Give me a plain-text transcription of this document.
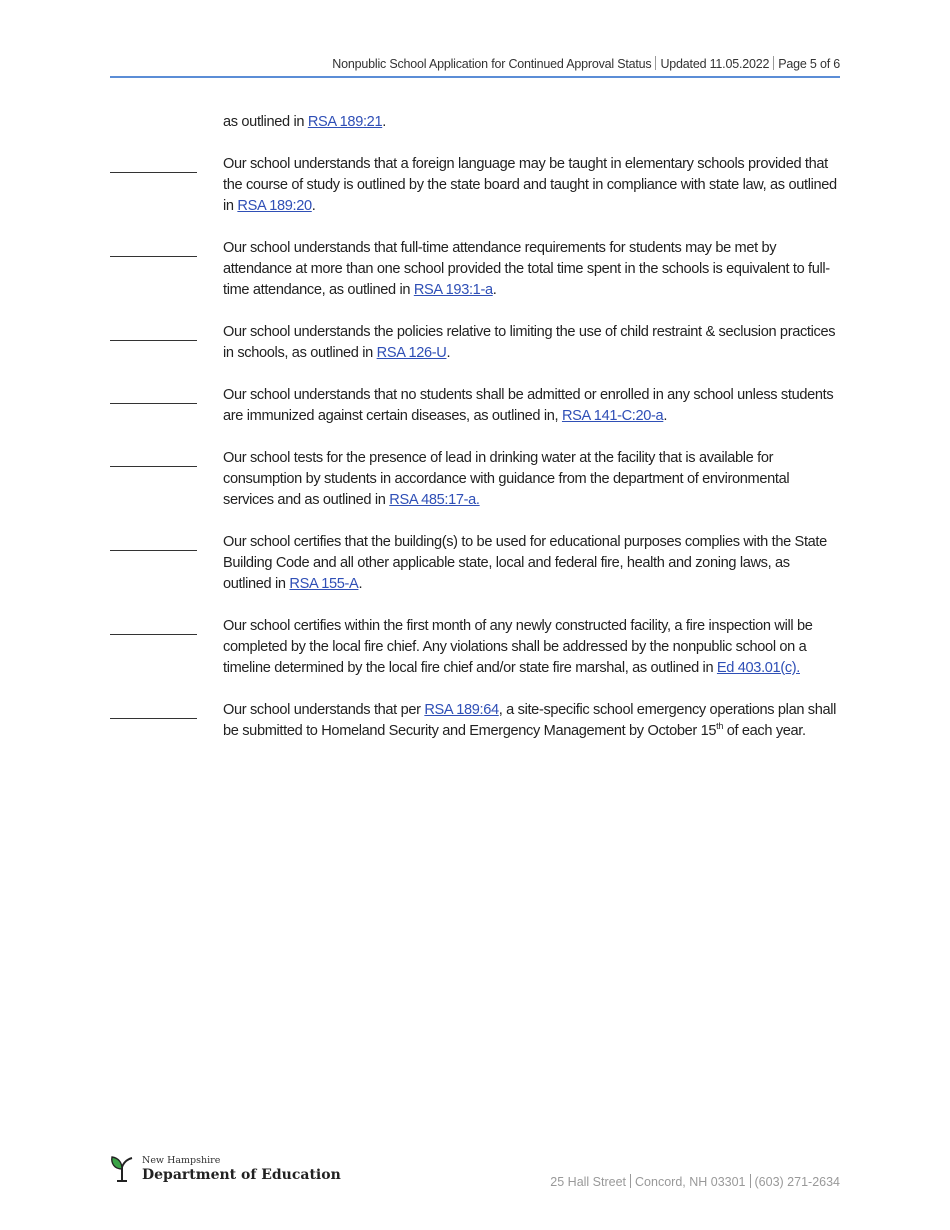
Nonpublic School Application for Continued Approval Status Updated 11.05.2022 Page 5 of 6
as outlined in RSA 189:21.
Our school understands that a foreign language may be taught in elementary schools provided that the course of study is outlined by the state board and taught in compliance with state law, as outlined in RSA 189:20.
Our school understands that full-time attendance requirements for students may be met by attendance at more than one school provided the total time spent in the schools is equivalent to full-time attendance, as outlined in RSA 193:1-a.
Our school understands the policies relative to limiting the use of child restraint & seclusion practices in schools, as outlined in RSA 126-U.
Our school understands that no students shall be admitted or enrolled in any school unless students are immunized against certain diseases, as outlined in, RSA 141-C:20-a.
Our school tests for the presence of lead in drinking water at the facility that is available for consumption by students in accordance with guidance from the department of environmental services and as outlined in RSA 485:17-a.
Our school certifies that the building(s) to be used for educational purposes complies with the State Building Code and all other applicable state, local and federal fire, health and zoning laws, as outlined in RSA 155-A.
Our school certifies within the first month of any newly constructed facility, a fire inspection will be completed by the local fire chief. Any violations shall be addressed by the nonpublic school on a timeline determined by the local fire chief and/or state fire marshal, as outlined in Ed 403.01(c).
Our school understands that per RSA 189:64, a site-specific school emergency operations plan shall be submitted to Homeland Security and Emergency Management by October 15th of each year.
New Hampshire
Department of Education	25 Hall Street Concord, NH 03301 (603) 271-2634
